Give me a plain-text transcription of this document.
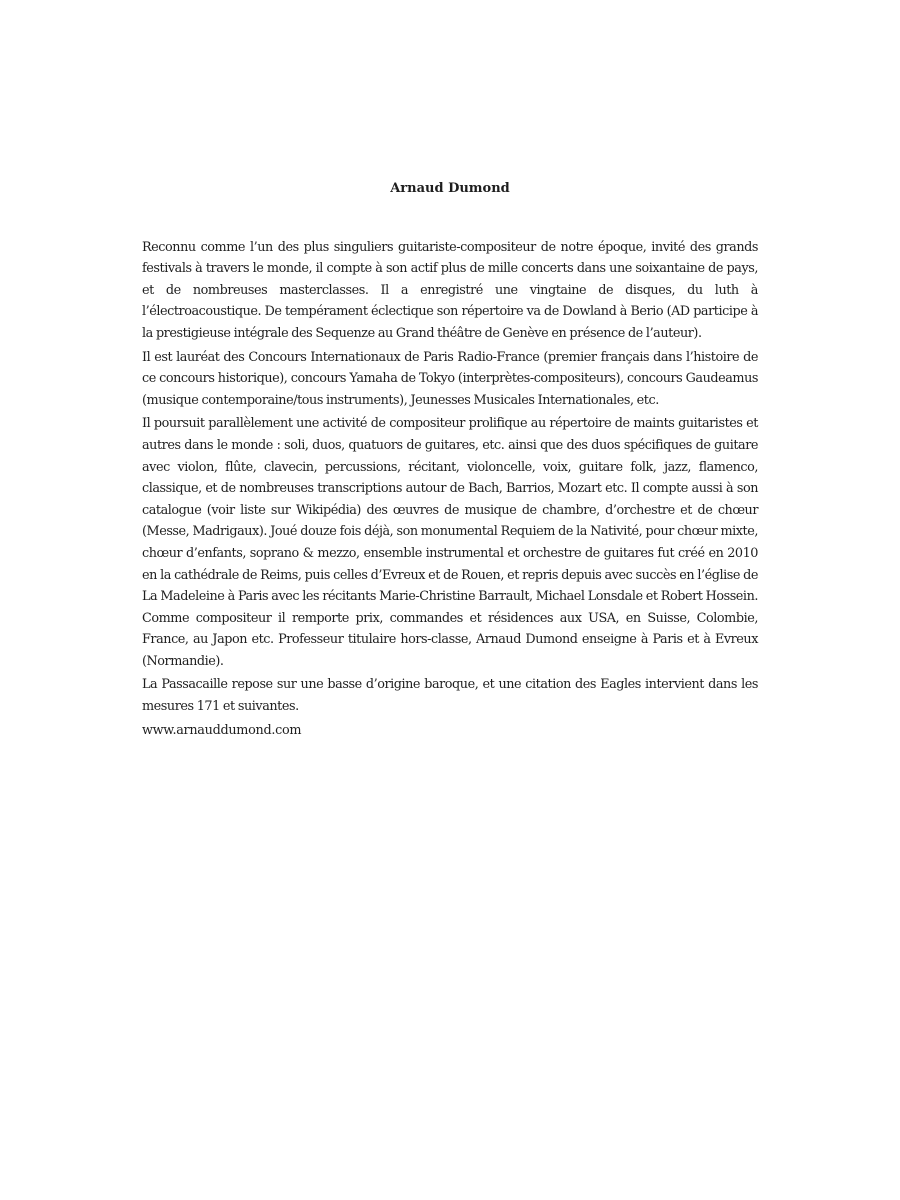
Arnaud Dumond

Reconnu comme l’un des plus singuliers guitariste-compositeur de notre époque, invité des grands festivals à travers le monde, il compte à son actif plus de mille concerts dans une soixantaine de pays, et de nombreuses masterclasses. Il a enregistré une vingtaine de disques, du luth à l’électroacoustique. De tempérament éclectique son répertoire va de Dowland à Berio (AD participe à la prestigieuse intégrale des Sequenze au Grand théâtre de Genève en présence de l’auteur).

Il est lauréat des Concours Internationaux de Paris Radio-France (premier français dans l’histoire de ce concours historique), concours Yamaha de Tokyo (interprètes-compositeurs), concours Gaudeamus (musique contemporaine/tous instruments), Jeunesses Musicales Internationales, etc.

Il poursuit parallèlement une activité de compositeur prolifique au répertoire de maints guitaristes et autres dans le monde : soli, duos, quatuors de guitares, etc. ainsi que des duos spécifiques de guitare avec violon, flûte, clavecin, percussions, récitant, violoncelle, voix, guitare folk, jazz, flamenco, classique, et de nombreuses transcriptions autour de Bach, Barrios, Mozart etc. Il compte aussi à son catalogue (voir liste sur Wikipédia) des œuvres de musique de chambre, d’orchestre et de chœur (Messe, Madrigaux). Joué douze fois déjà, son monumental Requiem de la Nativité, pour chœur mixte, chœur d’enfants, soprano & mezzo, ensemble instrumental et orchestre de guitares fut créé en 2010 en la cathédrale de Reims, puis celles d’Evreux et de Rouen, et repris depuis avec succès en l’église de La Madeleine à Paris avec les récitants Marie-Christine Barrault, Michael Lonsdale et Robert Hossein. Comme compositeur il remporte prix, commandes et résidences aux USA, en Suisse, Colombie, France, au Japon etc. Professeur titulaire hors-classe, Arnaud Dumond enseigne à Paris et à Evreux (Normandie).

La Passacaille repose sur une basse d’origine baroque, et une citation des Eagles intervient dans les mesures 171 et suivantes.

www.arnauddumond.com
